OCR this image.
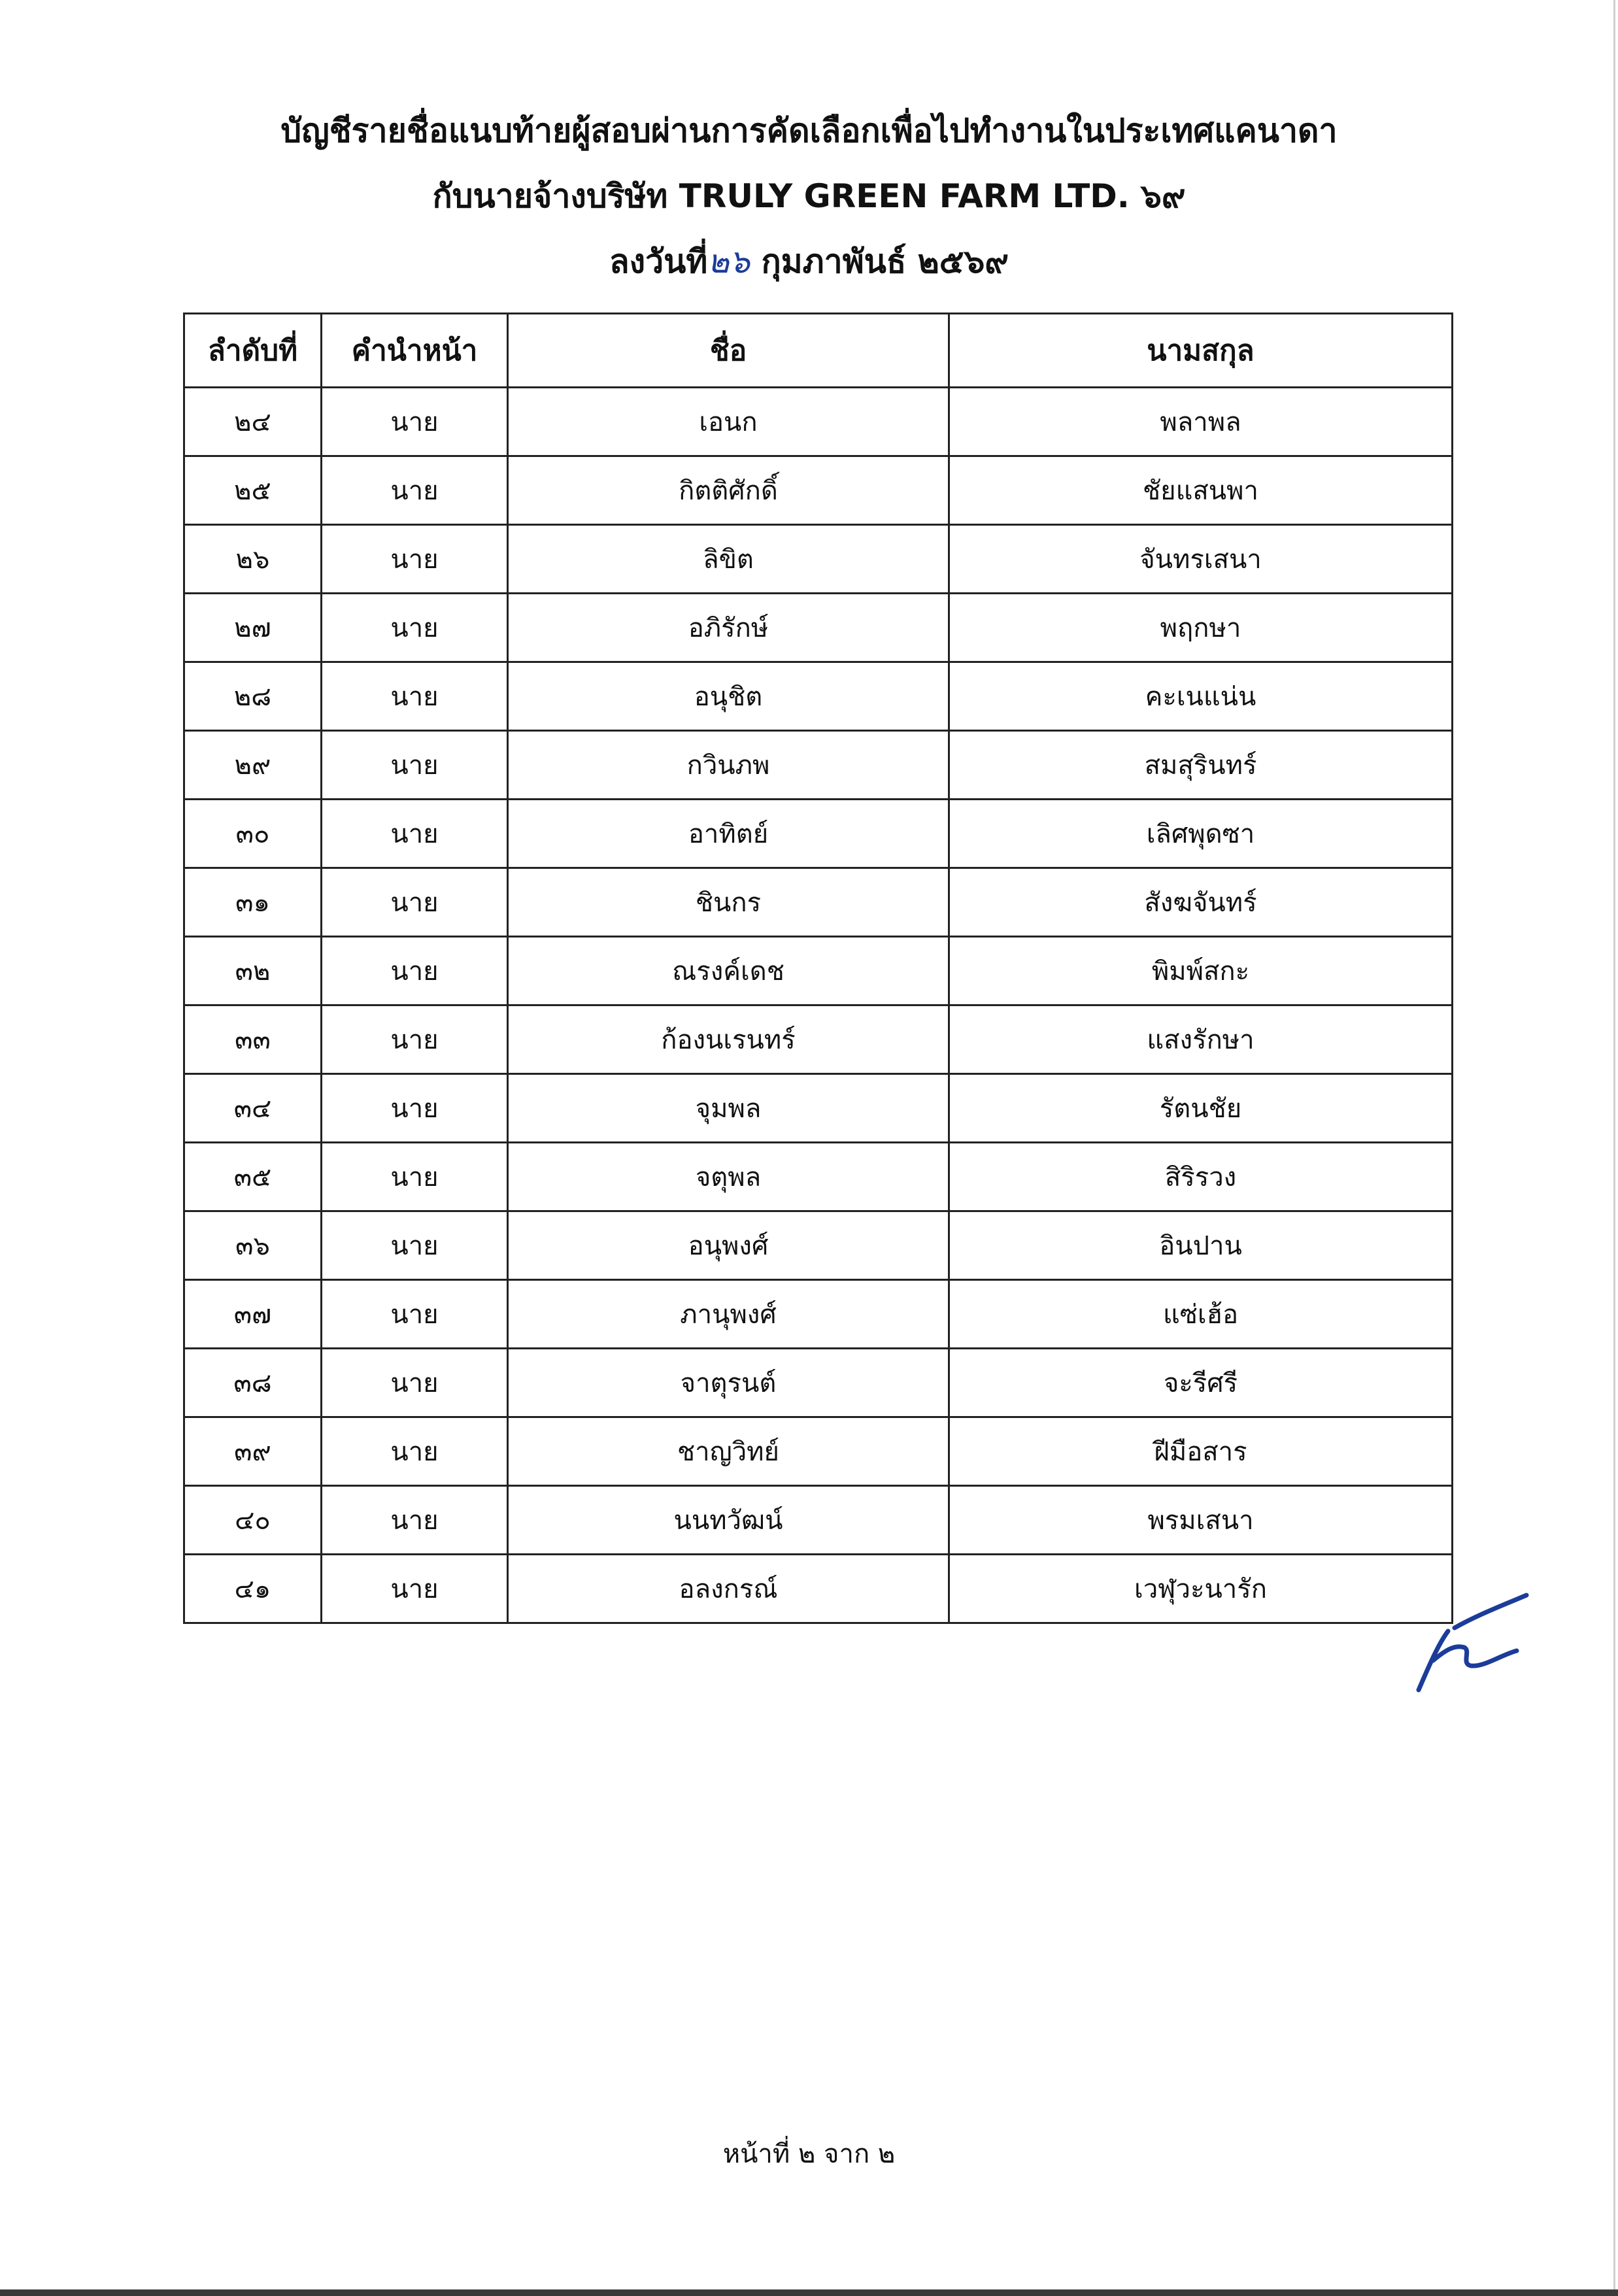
บัญชีรายชื่อแนบท้ายผู้สอบผ่านการคัดเลือกเพื่อไปทำงานในประเทศแคนาดา
กับนายจ้างบริษัท TRULY GREEN FARM LTD. ๖๙
ลงวันที่๒๖ กุมภาพันธ์ ๒๕๖๙
ลำดับที่	คำนำหน้า	ชื่อ	นามสกุล
๒๔	นาย	เอนก	พลาพล
๒๕	นาย	กิตติศักดิ์	ชัยแสนพา
๒๖	นาย	ลิขิต	จันทรเสนา
๒๗	นาย	อภิรักษ์	พฤกษา
๒๘	นาย	อนุชิต	คะเนแน่น
๒๙	นาย	กวินภพ	สมสุรินทร์
๓๐	นาย	อาทิตย์	เลิศพุดซา
๓๑	นาย	ชินกร	สังฆจันทร์
๓๒	นาย	ณรงค์เดช	พิมพ์สกะ
๓๓	นาย	ก้องนเรนทร์	แสงรักษา
๓๔	นาย	จุมพล	รัตนชัย
๓๕	นาย	จตุพล	สิริรวง
๓๖	นาย	อนุพงศ์	อินปาน
๓๗	นาย	ภานุพงศ์	แซ่เฮ้อ
๓๘	นาย	จาตุรนต์	จะรีศรี
๓๙	นาย	ชาญวิทย์	ฝีมือสาร
๔๐	นาย	นนทวัฒน์	พรมเสนา
๔๑	นาย	อลงกรณ์	เวฬุวะนารัก
หน้าที่ ๒ จาก ๒
